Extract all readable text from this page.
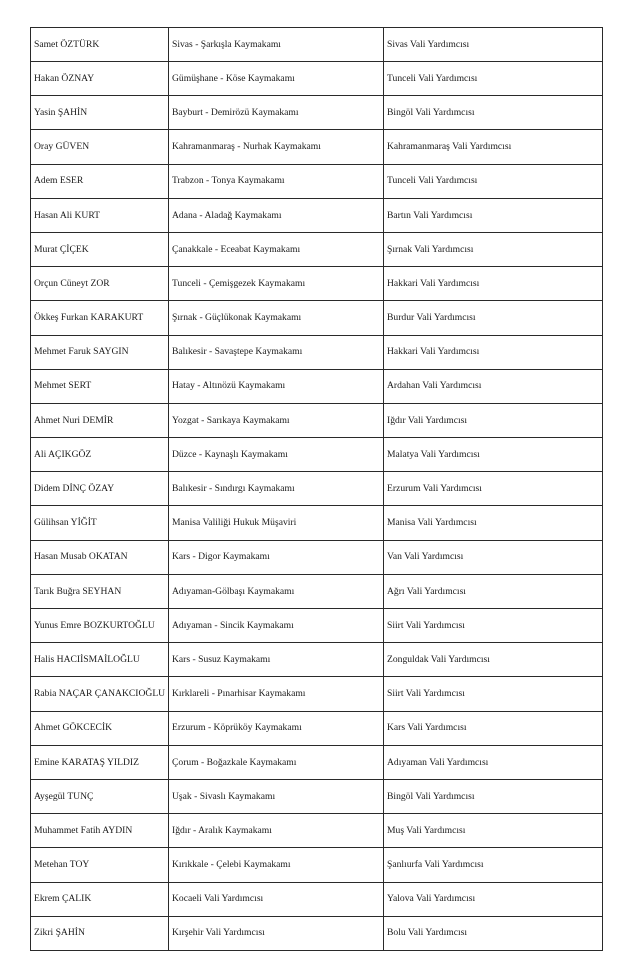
Samet ÖZTÜRK	Sivas - Şarkışla Kaymakamı	Sivas Vali Yardımcısı
Hakan ÖZNAY	Gümüşhane - Köse Kaymakamı	Tunceli Vali Yardımcısı
Yasin ŞAHİN	Bayburt - Demirözü Kaymakamı	Bingöl Vali Yardımcısı
Oray GÜVEN	Kahramanmaraş - Nurhak Kaymakamı	Kahramanmaraş Vali Yardımcısı
Adem ESER	Trabzon - Tonya Kaymakamı	Tunceli Vali Yardımcısı
Hasan Ali KURT	Adana - Aladağ Kaymakamı	Bartın Vali Yardımcısı
Murat ÇİÇEK	Çanakkale - Eceabat Kaymakamı	Şırnak Vali Yardımcısı
Orçun Cüneyt ZOR	Tunceli - Çemişgezek Kaymakamı	Hakkari Vali Yardımcısı
Ökkeş Furkan KARAKURT	Şırnak - Güçlükonak Kaymakamı	Burdur Vali Yardımcısı
Mehmet Faruk SAYGIN	Balıkesir - Savaştepe Kaymakamı	Hakkari Vali Yardımcısı
Mehmet SERT	Hatay - Altınözü Kaymakamı	Ardahan Vali Yardımcısı
Ahmet Nuri DEMİR	Yozgat - Sarıkaya Kaymakamı	Iğdır Vali Yardımcısı
Ali AÇIKGÖZ	Düzce - Kaynaşlı Kaymakamı	Malatya Vali Yardımcısı
Didem DİNÇ ÖZAY	Balıkesir - Sındırgı Kaymakamı	Erzurum Vali Yardımcısı
Gülihsan YİĞİT	Manisa Valiliği Hukuk Müşaviri	Manisa Vali Yardımcısı
Hasan Musab OKATAN	Kars - Digor Kaymakamı	Van Vali Yardımcısı
Tarık Buğra SEYHAN	Adıyaman-Gölbaşı Kaymakamı	Ağrı Vali Yardımcısı
Yunus Emre BOZKURTOĞLU	Adıyaman - Sincik Kaymakamı	Siirt Vali Yardımcısı
Halis HACIİSMAİLOĞLU	Kars - Susuz Kaymakamı	Zonguldak Vali Yardımcısı
Rabia NAÇAR ÇANAKCIOĞLU	Kırklareli - Pınarhisar Kaymakamı	Siirt Vali Yardımcısı
Ahmet GÖKCECİK	Erzurum - Köprüköy Kaymakamı	Kars Vali Yardımcısı
Emine KARATAŞ YILDIZ	Çorum - Boğazkale Kaymakamı	Adıyaman Vali Yardımcısı
Ayşegül TUNÇ	Uşak - Sivaslı Kaymakamı	Bingöl Vali Yardımcısı
Muhammet Fatih AYDIN	Iğdır - Aralık Kaymakamı	Muş Vali Yardımcısı
Metehan TOY	Kırıkkale - Çelebi Kaymakamı	Şanlıurfa Vali Yardımcısı
Ekrem ÇALIK	Kocaeli Vali Yardımcısı	Yalova Vali Yardımcısı
Zikri ŞAHİN	Kırşehir Vali Yardımcısı	Bolu Vali Yardımcısı
